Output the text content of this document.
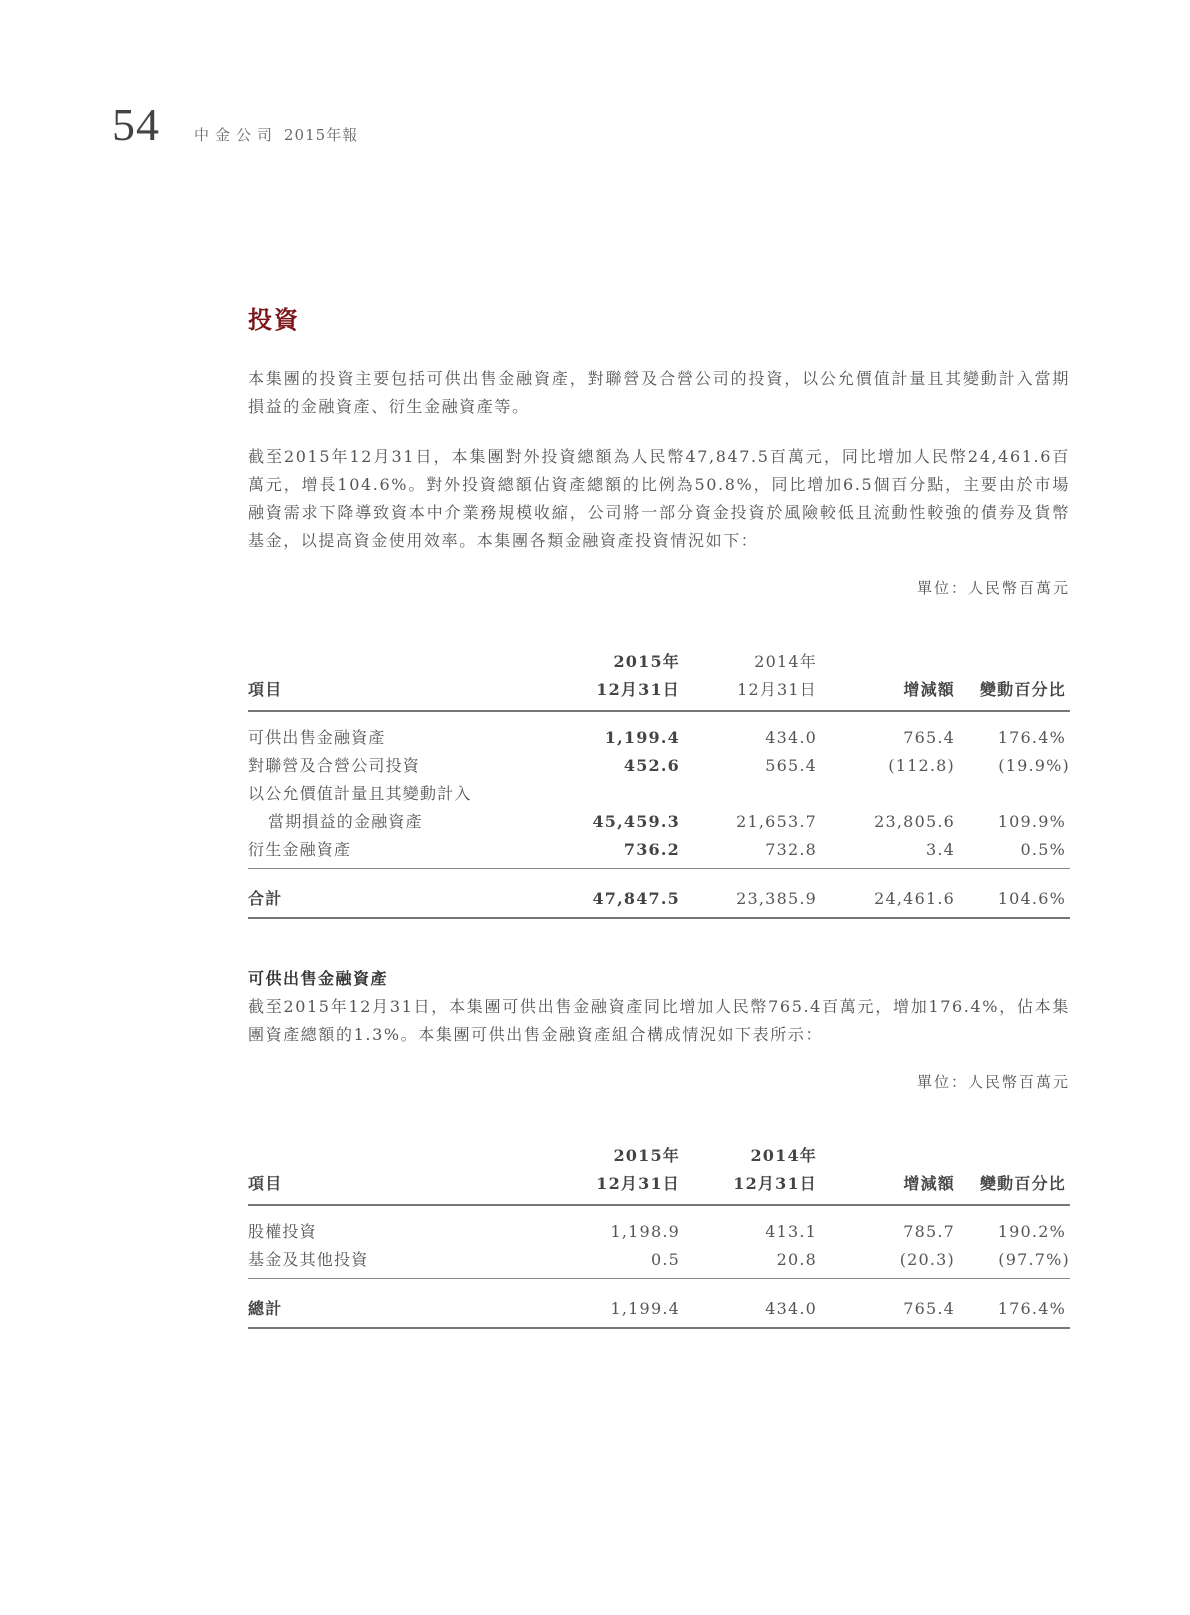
54 中金公司 2015年報
投資

本集團的投資主要包括可供出售金融資產，對聯營及合營公司的投資，以公允價值計量且其變動計入當期損益的金融資產、衍生金融資產等。

截至2015年12月31日，本集團對外投資總額為人民幣47,847.5百萬元，同比增加人民幣24,461.6百萬元，增長104.6%。對外投資總額佔資產總額的比例為50.8%，同比增加6.5個百分點，主要由於市場融資需求下降導致資本中介業務規模收縮，公司將一部分資金投資於風險較低且流動性較強的債券及貨幣基金，以提高資金使用效率。本集團各類金融資產投資情況如下：

單位：人民幣百萬元
	2015年	2014年		
項目	12月31日	12月31日	增減額	變動百分比
可供出售金融資產	1,199.4	434.0	765.4	176.4%
對聯營及合營公司投資	452.6	565.4	(112.8)	(19.9%)
以公允價值計量且其變動計入				
當期損益的金融資產	45,459.3	21,653.7	23,805.6	109.9%
衍生金融資產	736.2	732.8	3.4	0.5%
合計	47,847.5	23,385.9	24,461.6	104.6%
可供出售金融資產

截至2015年12月31日，本集團可供出售金融資產同比增加人民幣765.4百萬元，增加176.4%，佔本集團資產總額的1.3%。本集團可供出售金融資產組合構成情況如下表所示：

單位：人民幣百萬元
	2015年	2014年		
項目	12月31日	12月31日	增減額	變動百分比
股權投資	1,198.9	413.1	785.7	190.2%
基金及其他投資	0.5	20.8	(20.3)	(97.7%)
總計	1,199.4	434.0	765.4	176.4%
